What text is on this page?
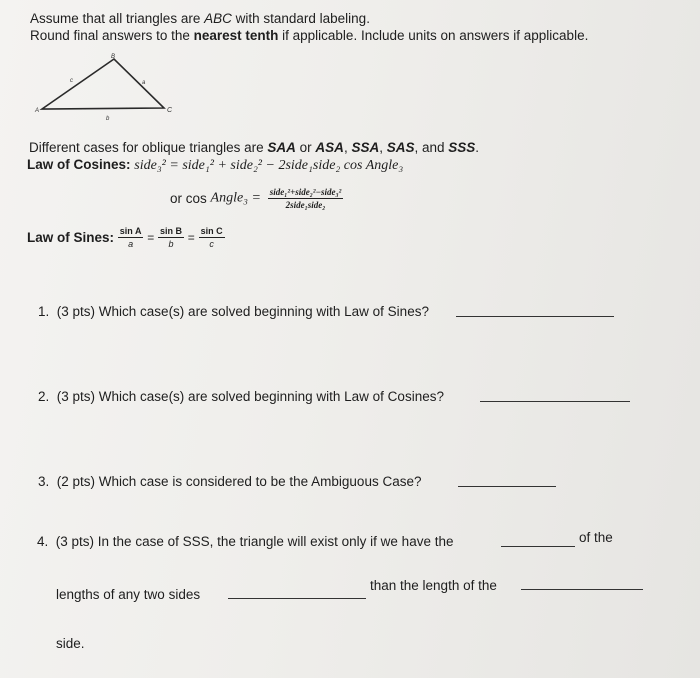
Assume that all triangles are ABC with standard labeling.
Round final answers to the nearest tenth if applicable. Include units on answers if applicable.
B
A	C
a
c
b
Different cases for oblique triangles are SAA or ASA, SSA, SAS, and SSS.
Law of Cosines: side₃² = side₁² + side₂² − 2side₁side₂ cos Angle₃
or cos Angle₃ = $\frac{\text{side₁²+side₂²−side₃²}}{\text{2side₁side₂}}$
Law of Sines: $\frac{\text{sin A}}{a} = \frac{\text{sin B}}{b} = \frac{\text{sin C}}{c}$
1. (3 pts) Which case(s) are solved beginning with Law of Sines?
2. (3 pts) Which case(s) are solved beginning with Law of Cosines?
3. (2 pts) Which case is considered to be the Ambiguous Case?
4. (3 pts) In the case of SSS, the triangle will exist only if we have the	of the
lengths of any two sides
than the length of the
side.
